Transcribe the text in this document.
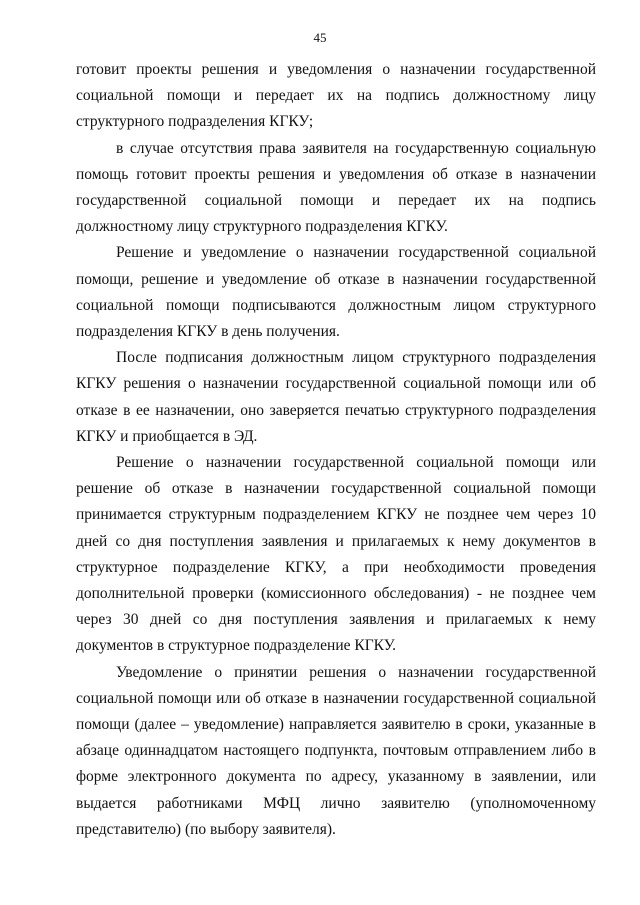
45

готовит проекты решения и уведомления о назначении государственной социальной помощи и передает их на подпись должностному лицу структурного подразделения КГКУ;

в случае отсутствия права заявителя на государственную социальную помощь готовит проекты решения и уведомления об отказе в назначении государственной социальной помощи и передает их на подпись должностному лицу структурного подразделения КГКУ.

Решение и уведомление о назначении государственной социальной помощи, решение и уведомление об отказе в назначении государственной социальной помощи подписываются должностным лицом структурного подразделения КГКУ в день получения.

После подписания должностным лицом структурного подразделения КГКУ решения о назначении государственной социальной помощи или об отказе в ее назначении, оно заверяется печатью структурного подразделения КГКУ и приобщается в ЭД.

Решение о назначении государственной социальной помощи или решение об отказе в назначении государственной социальной помощи принимается структурным подразделением КГКУ не позднее чем через 10 дней со дня поступления заявления и прилагаемых к нему документов в структурное подразделение КГКУ, а при необходимости проведения дополнительной проверки (комиссионного обследования) - не позднее чем через 30 дней со дня поступления заявления и прилагаемых к нему документов в структурное подразделение КГКУ.

Уведомление о принятии решения о назначении государственной социальной помощи или об отказе в назначении государственной социальной помощи (далее – уведомление) направляется заявителю в сроки, указанные в абзаце одиннадцатом настоящего подпункта, почтовым отправлением либо в форме электронного документа по адресу, указанному в заявлении, или выдается работниками МФЦ лично заявителю (уполномоченному представителю) (по выбору заявителя).
